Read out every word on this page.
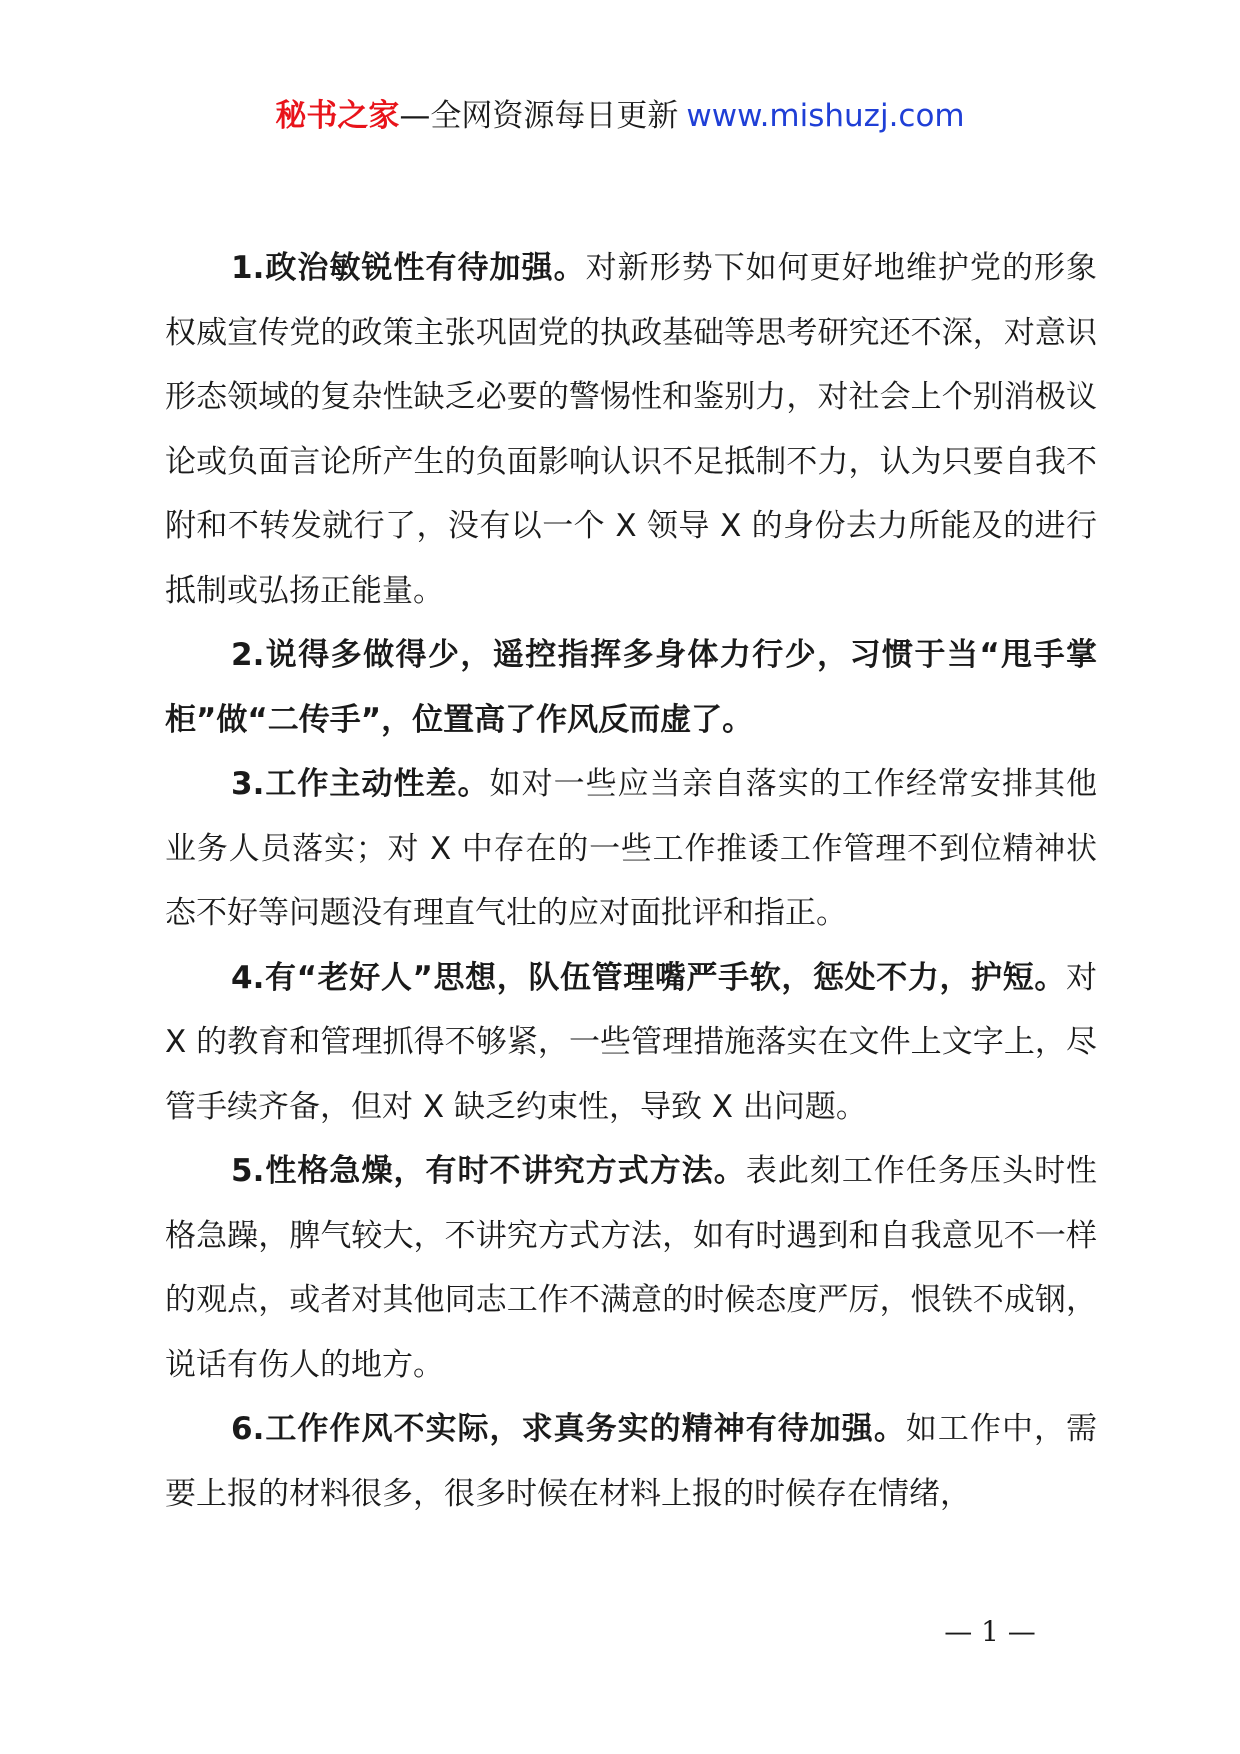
秘书之家—全网资源每日更新 www.mishuzj.com

1.政治敏锐性有待加强。对新形势下如何更好地维护党的形象权威宣传党的政策主张巩固党的执政基础等思考研究还不深，对意识形态领域的复杂性缺乏必要的警惕性和鉴别力，对社会上个别消极议论或负面言论所产生的负面影响认识不足抵制不力，认为只要自我不附和不转发就行了，没有以一个 X 领导 X 的身份去力所能及的进行抵制或弘扬正能量。

2.说得多做得少，遥控指挥多身体力行少，习惯于当“甩手掌柜”做“二传手”，位置高了作风反而虚了。

3.工作主动性差。如对一些应当亲自落实的工作经常安排其他业务人员落实；对 X 中存在的一些工作推诿工作管理不到位精神状态不好等问题没有理直气壮的应对面批评和指正。

4.有“老好人”思想，队伍管理嘴严手软，惩处不力，护短。对 X 的教育和管理抓得不够紧，一些管理措施落实在文件上文字上，尽管手续齐备，但对 X 缺乏约束性，导致 X 出问题。

5.性格急燥，有时不讲究方式方法。表此刻工作任务压头时性格急躁，脾气较大，不讲究方式方法，如有时遇到和自我意见不一样的观点，或者对其他同志工作不满意的时候态度严厉，恨铁不成钢，说话有伤人的地方。

6.工作作风不实际，求真务实的精神有待加强。如工作中，需要上报的材料很多，很多时候在材料上报的时候存在情绪，

— 1 —
